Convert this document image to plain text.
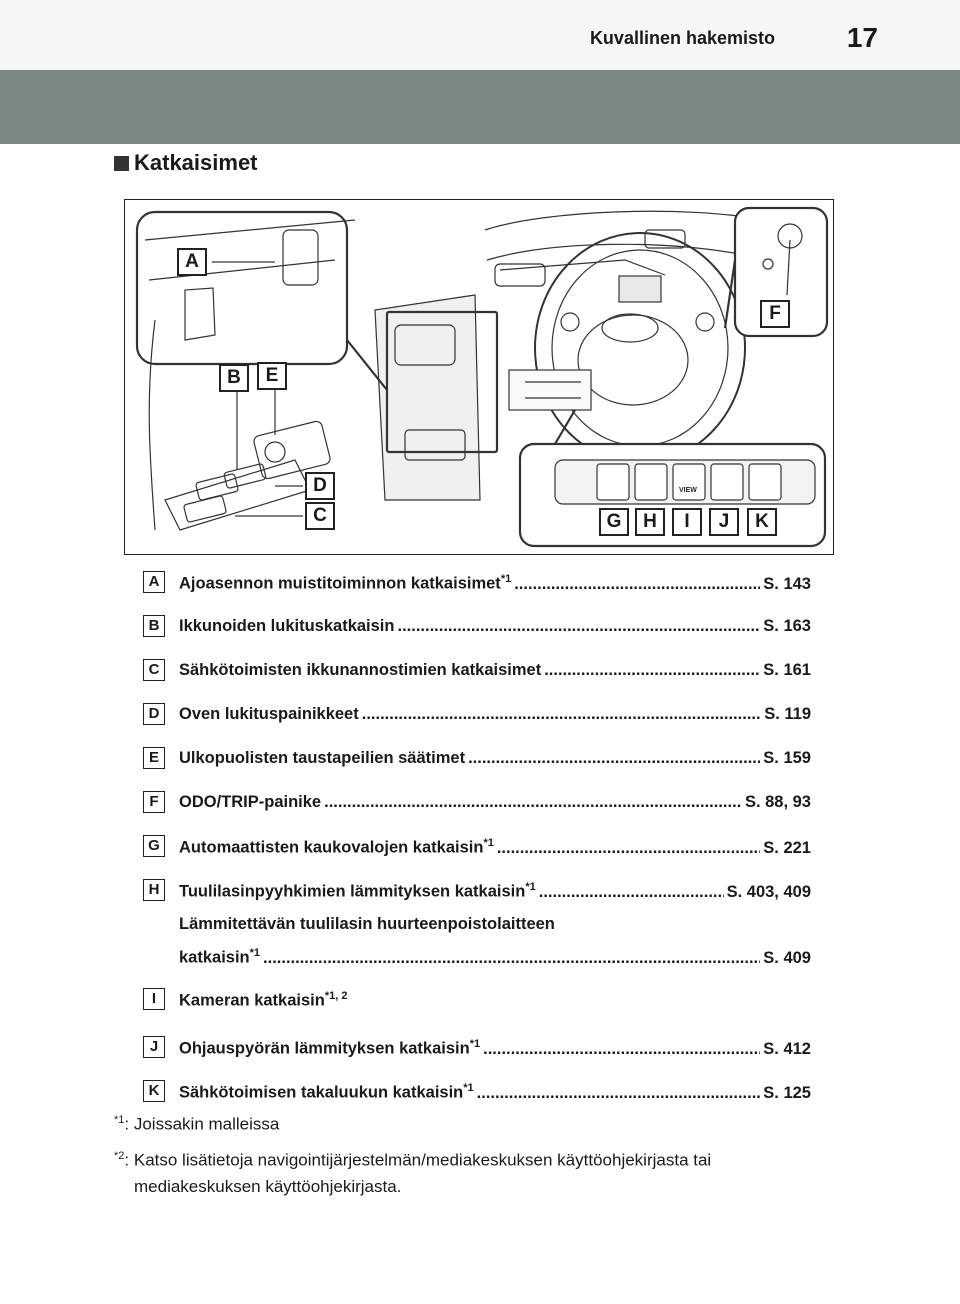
Kuvallinen hakemisto	17
Katkaisimet
VIEW
A
B	E
D
C
F
G	H	I	J	K
A	Ajoasennon muistitoiminnon katkaisimet$^{*1}$ .....	S. 143
B	Ikkunoiden lukituskatkaisin .....	S. 163
C	Sähkötoimisten ikkunannostimien katkaisimet .....	S. 161
D	Oven lukituspainikkeet .....	S. 119
E	Ulkopuolisten taustapeilien säätimet .....	S. 159
F	ODO/TRIP-painike .....	S. 88, 93
G	Automaattisten kaukovalojen katkaisin$^{*1}$ .....	S. 221
H	Tuulilasinpyyhkimien lämmityksen katkaisin$^{*1}$ .....	S. 403, 409
Lämmitettävän tuulilasin huurteenpoistolaitteen
katkaisin$^{*1}$ .....	S. 409
I	Kameran katkaisin$^{*1, 2}$
J	Ohjauspyörän lämmityksen katkaisin$^{*1}$ .....	S. 412
K	Sähkötoimisen takaluukun katkaisin$^{*1}$ .....	S. 125
$^{*1}$: Joissakin malleissa
$^{*2}$: Katso lisätietoja navigointijärjestelmän/mediakeskuksen käyttöohjekirjasta tai
mediakeskuksen käyttöohjekirjasta.
